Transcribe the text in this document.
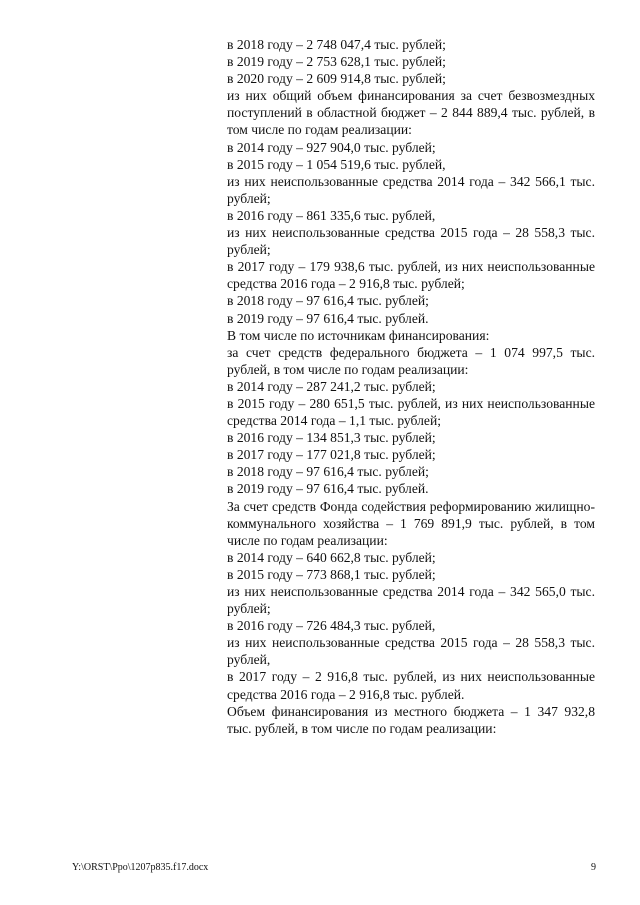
в 2018 году – 2 748 047,4 тыс. рублей;

в 2019 году – 2 753 628,1 тыс. рублей;

в 2020 году – 2 609 914,8 тыс. рублей;

из них общий объем финансирования за счет безвозмездных поступлений в областной бюджет – 2 844 889,4 тыс. рублей, в том числе по годам реализации:

в 2014 году – 927 904,0 тыс. рублей;

в 2015 году – 1 054 519,6 тыс. рублей,

из них неиспользованные средства 2014 года – 342 566,1 тыс. рублей;

в 2016 году – 861 335,6 тыс. рублей,

из них неиспользованные средства 2015 года – 28 558,3 тыс. рублей;

в 2017 году – 179 938,6 тыс. рублей, из них неиспользованные средства 2016 года – 2 916,8 тыс. рублей;

в 2018 году – 97 616,4 тыс. рублей;

в 2019 году – 97 616,4 тыс. рублей.

В том числе по источникам финансирования:

за счет средств федерального бюджета – 1 074 997,5 тыс. рублей, в том числе по годам реализации:

в 2014 году – 287 241,2 тыс. рублей;

в 2015 году – 280 651,5 тыс. рублей, из них неиспользованные средства 2014 года – 1,1 тыс. рублей;

в 2016 году – 134 851,3 тыс. рублей;

в 2017 году – 177 021,8 тыс. рублей;

в 2018 году – 97 616,4 тыс. рублей;

в 2019 году – 97 616,4 тыс. рублей.

За счет средств Фонда содействия реформированию жилищно-коммунального хозяйства – 1 769 891,9 тыс. рублей, в том числе по годам реализации:

в 2014 году – 640 662,8 тыс. рублей;

в 2015 году – 773 868,1 тыс. рублей;

из них неиспользованные средства 2014 года – 342 565,0 тыс. рублей;

в 2016 году – 726 484,3 тыс. рублей,

из них неиспользованные средства 2015 года – 28 558,3 тыс. рублей,

в 2017 году – 2 916,8 тыс. рублей, из них неиспользованные средства 2016 года – 2 916,8 тыс. рублей.

Объем финансирования из местного бюджета – 1 347 932,8 тыс. рублей, в том числе по годам реализации:

Y:\ORST\Ppo\1207p835.f17.docx	9
